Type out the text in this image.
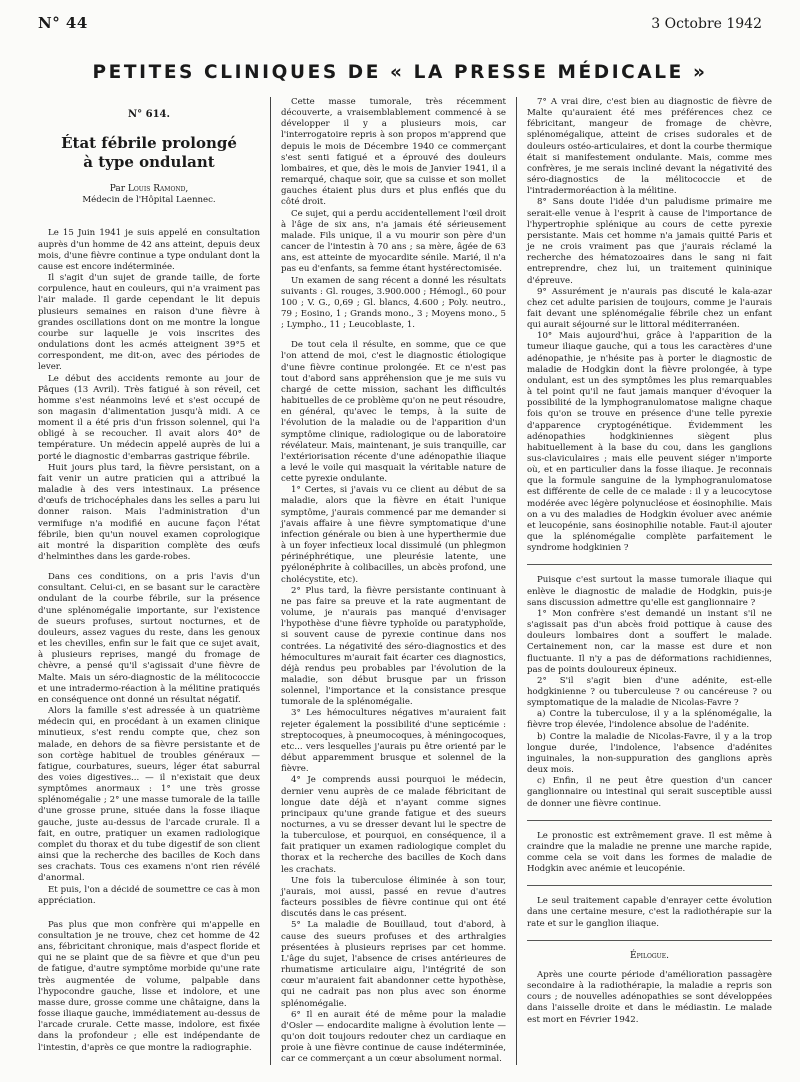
N° 44	3 Octobre 1942
PETITES CLINIQUES DE « LA PRESSE MÉDICALE »
N° 614.
État fébrile prolongé
à type ondulant
Par Louis Ramond,
Médecin de l'Hôpital Laennec.

Le 15 Juin 1941 je suis appelé en consultation auprès d'un homme de 42 ans atteint, depuis deux mois, d'une fièvre continue a type ondulant dont la cause est encore indéterminée.

Il s'agit d'un sujet de grande taille, de forte corpulence, haut en couleurs, qui n'a vraiment pas l'air malade. Il garde cependant le lit depuis plusieurs semaines en raison d'une fièvre à grandes oscillations dont on me montre la longue courbe sur laquelle je vois inscrites des ondulations dont les acmés atteignent 39°5 et correspondent, me dit-on, avec des périodes de lever.

Le début des accidents remonte au jour de Pâques (13 Avril). Très fatigué à son réveil, cet homme s'est néanmoins levé et s'est occupé de son magasin d'alimentation jusqu'à midi. A ce moment il a été pris d'un frisson solennel, qui l'a obligé à se recoucher. Il avait alors 40° de température. Un médecin appelé auprès de lui a porté le diagnostic d'embarras gastrique fébrile.

Huit jours plus tard, la fièvre persistant, on a fait venir un autre praticien qui a attribué la maladie à des vers intestinaux. La présence d'œufs de trichocéphales dans les selles a paru lui donner raison. Mais l'administration d'un vermifuge n'a modifié en aucune façon l'état fébrile, bien qu'un nouvel examen coprologique ait montré la disparition complète des œufs d'helminthes dans les garde-robes.

Dans ces conditions, on a pris l'avis d'un consultant. Celui-ci, en se basant sur le caractère ondulant de la courbe fébrile, sur la présence d'une splénomégalie importante, sur l'existence de sueurs profuses, surtout nocturnes, et de douleurs, assez vagues du reste, dans les genoux et les chevilles, enfin sur le fait que ce sujet avait, à plusieurs reprises, mangé du fromage de chèvre, a pensé qu'il s'agissait d'une fièvre de Malte. Mais un séro-diagnostic de la mélitococcie et une intradermo-réaction à la mélitine pratiqués en conséquence ont donné un résultat négatif.

Alors la famille s'est adressée à un quatrième médecin qui, en procédant à un examen clinique minutieux, s'est rendu compte que, chez son malade, en dehors de sa fièvre persistante et de son cortège habituel de troubles généraux — fatigue, courbatures, sueurs, léger état saburral des voies digestives... — il n'existait que deux symptômes anormaux : 1° une très grosse splénomégalie ; 2° une masse tumorale de la taille d'une grosse prune, située dans la fosse iliaque gauche, juste au-dessus de l'arcade crurale. Il a fait, en outre, pratiquer un examen radiologique complet du thorax et du tube digestif de son client ainsi que la recherche des bacilles de Koch dans ses crachats. Tous ces examens n'ont rien révélé d'anormal.

Et puis, l'on a décidé de soumettre ce cas à mon appréciation.

Pas plus que mon confrère qui m'appelle en consultation je ne trouve, chez cet homme de 42 ans, fébricitant chronique, mais d'aspect floride et qui ne se plaint que de sa fièvre et que d'un peu de fatigue, d'autre symptôme morbide qu'une rate très augmentée de volume, palpable dans l'hypocondre gauche, lisse et indolore, et une masse dure, grosse comme une châtaigne, dans la fosse iliaque gauche, immédiatement au-dessus de l'arcade crurale. Cette masse, indolore, est fixée dans la profondeur ; elle est indépendante de l'intestin, d'après ce que montre la radiographie.

Cette masse tumorale, très récemment découverte, a vraisemblablement commencé à se développer il y a plusieurs mois, car l'interrogatoire repris à son propos m'apprend que depuis le mois de Décembre 1940 ce commerçant s'est senti fatigué et a éprouvé des douleurs lombaires, et que, dès le mois de Janvier 1941, il a remarqué, chaque soir, que sa cuisse et son mollet gauches étaient plus durs et plus enflés que du côté droit.

Ce sujet, qui a perdu accidentellement l'œil droit à l'âge de six ans, n'a jamais été sérieusement malade. Fils unique, il a vu mourir son père d'un cancer de l'intestin à 70 ans ; sa mère, âgée de 63 ans, est atteinte de myocardite sénile. Marié, il n'a pas eu d'enfants, sa femme étant hystérectomisée.

Un examen de sang récent a donné les résultats suivants : Gl. rouges, 3.900.000 ; Hémogl., 60 pour 100 ; V. G., 0,69 ; Gl. blancs, 4.600 ; Poly. neutro., 79 ; Eosino, 1 ; Grands mono., 3 ; Moyens mono., 5 ; Lympho., 11 ; Leucoblaste, 1.

De tout cela il résulte, en somme, que ce que l'on attend de moi, c'est le diagnostic étiologique d'une fièvre continue prolongée. Et ce n'est pas tout d'abord sans appréhension que je me suis vu chargé de cette mission, sachant les difficultés habituelles de ce problème qu'on ne peut résoudre, en général, qu'avec le temps, à la suite de l'évolution de la maladie ou de l'apparition d'un symptôme clinique, radiologique ou de laboratoire révélateur. Mais, maintenant, je suis tranquille, car l'extériorisation récente d'une adénopathie iliaque a levé le voile qui masquait la véritable nature de cette pyrexie ondulante.

1° Certes, si j'avais vu ce client au début de sa maladie, alors que la fièvre en était l'unique symptôme, j'aurais commencé par me demander si j'avais affaire à une fièvre symptomatique d'une infection générale ou bien à une hyperthermie due à un foyer infectieux local dissimulé (un phlegmon périnéphrétique, une pleurésie latente, une pyélonéphrite à colibacilles, un abcès profond, une cholécystite, etc).

2° Plus tard, la fièvre persistante continuant à ne pas faire sa preuve et la rate augmentant de volume, je n'aurais pas manqué d'envisager l'hypothèse d'une fièvre typhoïde ou paratyphoïde, si souvent cause de pyrexie continue dans nos contrées. La négativité des séro-diagnostics et des hémocultures m'aurait fait écarter ces diagnostics, déjà rendus peu probables par l'évolution de la maladie, son début brusque par un frisson solennel, l'importance et la consistance presque tumorale de la splénomégalie.

3° Les hémocultures négatives m'auraient fait rejeter également la possibilité d'une septicémie : streptocoques, à pneumocoques, à méningocoques, etc... vers lesquelles j'aurais pu être orienté par le début apparemment brusque et solennel de la fièvre.

4° Je comprends aussi pourquoi le médecin, dernier venu auprès de ce malade fébricitant de longue date déjà et n'ayant comme signes principaux qu'une grande fatigue et des sueurs nocturnes, a vu se dresser devant lui le spectre de la tuberculose, et pourquoi, en conséquence, il a fait pratiquer un examen radiologique complet du thorax et la recherche des bacilles de Koch dans les crachats.

Une fois la tuberculose éliminée à son tour, j'aurais, moi aussi, passé en revue d'autres facteurs possibles de fièvre continue qui ont été discutés dans le cas présent.

5° La maladie de Bouillaud, tout d'abord, à cause des sueurs profuses et des arthralgies présentées à plusieurs reprises par cet homme. L'âge du sujet, l'absence de crises antérieures de rhumatisme articulaire aigu, l'intégrité de son cœur m'auraient fait abandonner cette hypothèse, qui ne cadrait pas non plus avec son énorme splénomégalie.

6° Il en aurait été de même pour la maladie d'Osler — endocardite maligne à évolution lente — qu'on doit toujours redouter chez un cardiaque en proie à une fièvre continue de cause indéterminée, car ce commerçant a un cœur absolument normal.

7° A vrai dire, c'est bien au diagnostic de fièvre de Malte qu'auraient été mes préférences chez ce fébricitant, mangeur de fromage de chèvre, splénomégalique, atteint de crises sudorales et de douleurs ostéo-articulaires, et dont la courbe thermique était si manifestement ondulante. Mais, comme mes confrères, je me serais incliné devant la négativité des séro-diagnostics de la mélitococcie et de l'intradermoréaction à la mélitine.

8° Sans doute l'idée d'un paludisme primaire me serait-elle venue à l'esprit à cause de l'importance de l'hypertrophie splénique au cours de cette pyrexie persistante. Mais cet homme n'a jamais quitté Paris et je ne crois vraiment pas que j'aurais réclamé la recherche des hématozoaires dans le sang ni fait entreprendre, chez lui, un traitement quininique d'épreuve.

9° Assurément je n'aurais pas discuté le kala-azar chez cet adulte parisien de toujours, comme je l'aurais fait devant une splénomégalie fébrile chez un enfant qui aurait séjourné sur le littoral méditerranéen.

10° Mais aujourd'hui, grâce à l'apparition de la tumeur iliaque gauche, qui a tous les caractères d'une adénopathie, je n'hésite pas à porter le diagnostic de maladie de Hodgkin dont la fièvre prolongée, à type ondulant, est un des symptômes les plus remarquables à tel point qu'il ne faut jamais manquer d'évoquer la possibilité de la lymphogranulomatose maligne chaque fois qu'on se trouve en présence d'une telle pyrexie d'apparence cryptogénétique. Évidemment les adénopathies hodgkiniennes siègent plus habituellement à la base du cou, dans les ganglions sus-claviculaires ; mais elle peuvent siéger n'importe où, et en particulier dans la fosse iliaque. Je reconnais que la formule sanguine de la lymphogranulomatose est différente de celle de ce malade : il y a leucocytose modérée avec légère polynucléose et éosinophilie. Mais on a vu des maladies de Hodgkin évoluer avec anémie et leucopénie, sans éosinophilie notable. Faut-il ajouter que la splénomégalie complète parfaitement le syndrome hodgkinien ?

Puisque c'est surtout la masse tumorale iliaque qui enlève le diagnostic de maladie de Hodgkin, puis-je sans discussion admettre qu'elle est ganglionnaire ?

1° Mon confrère s'est demandé un instant s'il ne s'agissait pas d'un abcès froid pottique à cause des douleurs lombaires dont a souffert le malade. Certainement non, car la masse est dure et non fluctuante. Il n'y a pas de déformations rachidiennes, pas de points douloureux épineux.

2° S'il s'agit bien d'une adénite, est-elle hodgkinienne ? ou tuberculeuse ? ou cancéreuse ? ou symptomatique de la maladie de Nicolas-Favre ?

a) Contre la tuberculose, il y a la splénomégalie, la fièvre trop élevée, l'indolence absolue de l'adénite.

b) Contre la maladie de Nicolas-Favre, il y a la trop longue durée, l'indolence, l'absence d'adénites inguinales, la non-suppuration des ganglions après deux mois.

c) Enfin, il ne peut être question d'un cancer ganglionnaire ou intestinal qui serait susceptible aussi de donner une fièvre continue.

Le pronostic est extrêmement grave. Il est même à craindre que la maladie ne prenne une marche rapide, comme cela se voit dans les formes de maladie de Hodgkin avec anémie et leucopénie.

Le seul traitement capable d'enrayer cette évolution dans une certaine mesure, c'est la radiothérapie sur la rate et sur le ganglion iliaque.

Épilogue.

Après une courte période d'amélioration passagère secondaire à la radiothérapie, la maladie a repris son cours ; de nouvelles adénopathies se sont développées dans l'aisselle droite et dans le médiastin. Le malade est mort en Février 1942.
